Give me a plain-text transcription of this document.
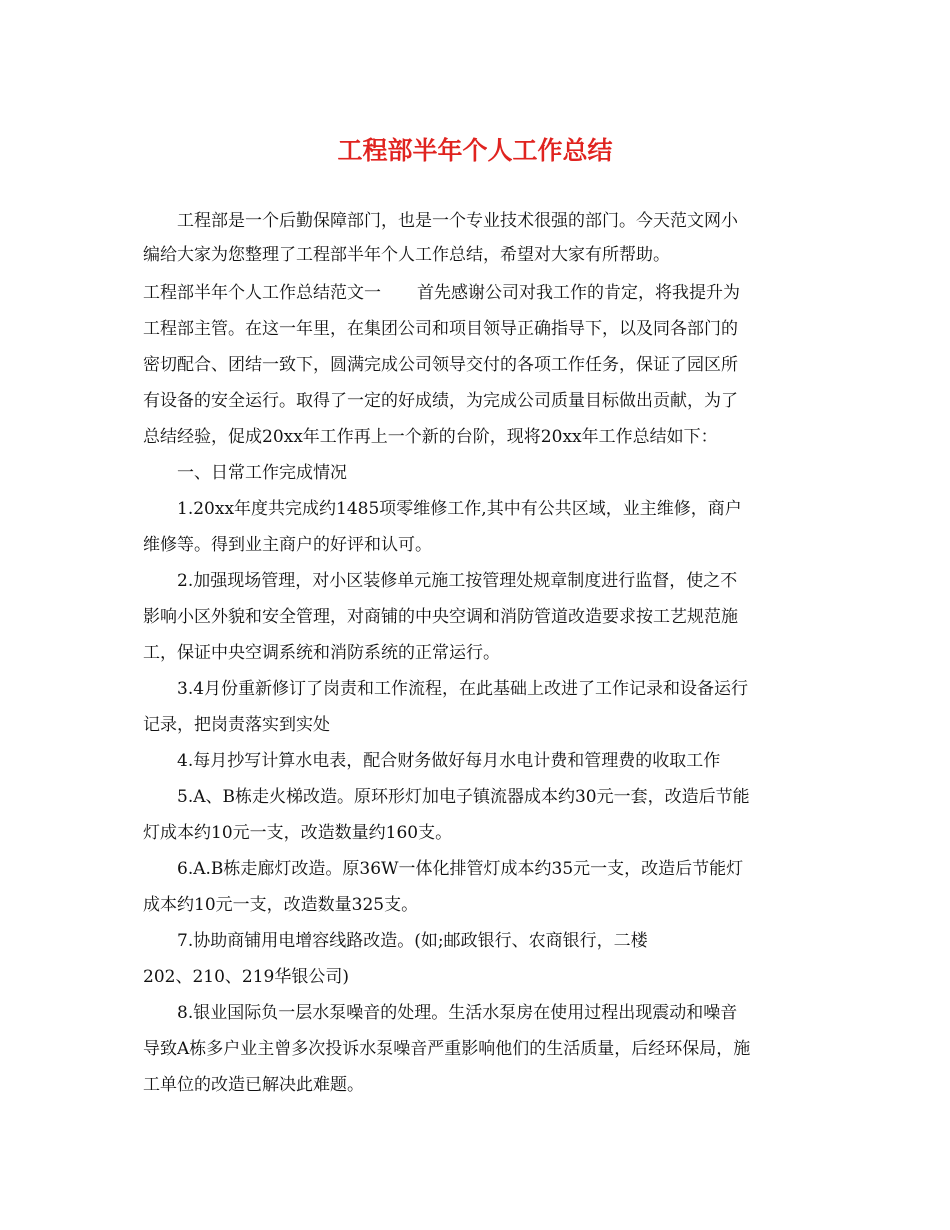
工程部半年个人工作总结
工程部是一个后勤保障部门，也是一个专业技术很强的部门。今天范文网小
编给大家为您整理了工程部半年个人工作总结，希望对大家有所帮助。
工程部半年个人工作总结范文一 首先感谢公司对我工作的肯定，将我提升为
工程部主管。在这一年里，在集团公司和项目领导正确指导下，以及同各部门的
密切配合、团结一致下，圆满完成公司领导交付的各项工作任务，保证了园区所
有设备的安全运行。取得了一定的好成绩，为完成公司质量目标做出贡献，为了
总结经验，促成20xx年工作再上一个新的台阶，现将20xx年工作总结如下：
一、日常工作完成情况
1.20xx年度共完成约1485项零维修工作,其中有公共区域，业主维修，商户
维修等。得到业主商户的好评和认可。
2.加强现场管理，对小区装修单元施工按管理处规章制度进行监督，使之不
影响小区外貌和安全管理，对商铺的中央空调和消防管道改造要求按工艺规范施
工，保证中央空调系统和消防系统的正常运行。
3.4月份重新修订了岗责和工作流程，在此基础上改进了工作记录和设备运行
记录，把岗责落实到实处
4.每月抄写计算水电表，配合财务做好每月水电计费和管理费的收取工作
5.A、B栋走火梯改造。原环形灯加电子镇流器成本约30元一套，改造后节能
灯成本约10元一支，改造数量约160支。
6.A.B栋走廊灯改造。原36W一体化排管灯成本约35元一支，改造后节能灯
成本约10元一支，改造数量325支。
7.协助商铺用电增容线路改造。(如;邮政银行、农商银行，二楼
202、210、219华银公司)
8.银业国际负一层水泵噪音的处理。生活水泵房在使用过程出现震动和噪音
导致A栋多户业主曾多次投诉水泵噪音严重影响他们的生活质量，后经环保局，施
工单位的改造已解决此难题。
